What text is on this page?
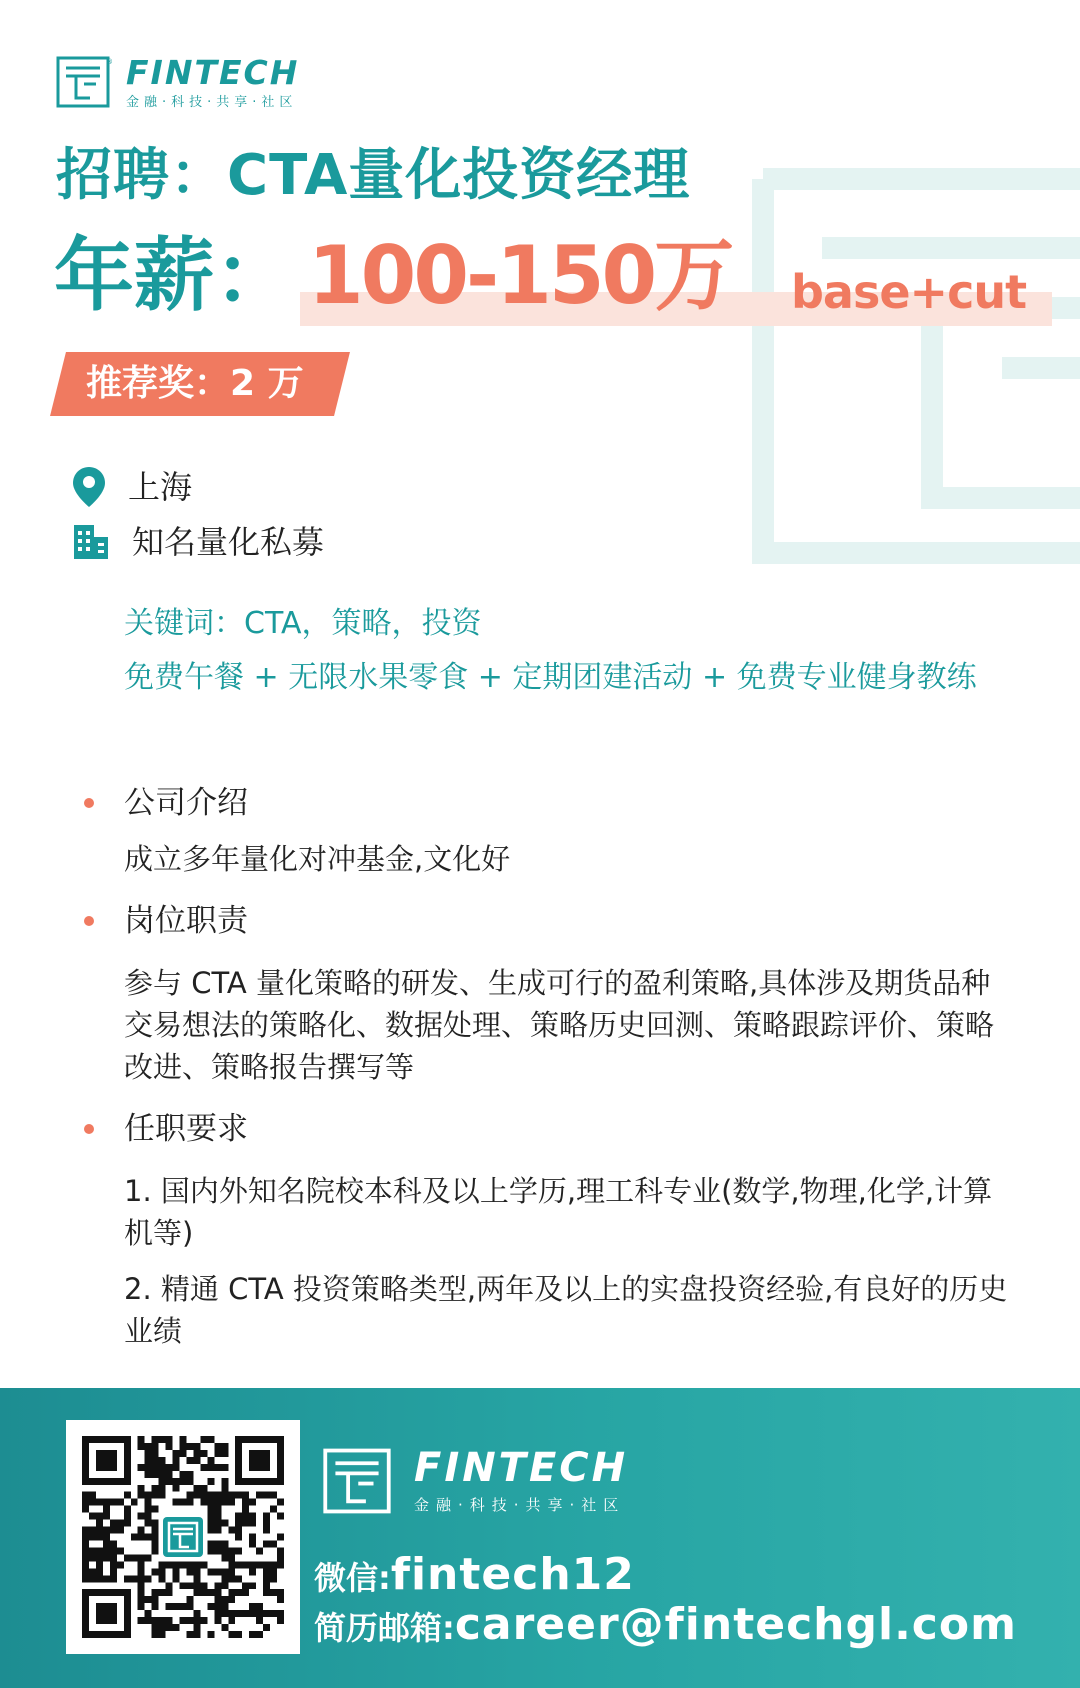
® FINTECH
金融·科技·共享·社区
招聘：CTA量化投资经理
年薪： 100-150万 base+cut
推荐奖：2 万
上海
知名量化私募
关键词：CTA，策略，投资
免费午餐 + 无限水果零食 + 定期团建活动 + 免费专业健身教练
公司介绍
成立多年量化对冲基金,文化好
岗位职责
参与 CTA 量化策略的研发、生成可行的盈利策略,具体涉及期货品种交易想法的策略化、数据处理、策略历史回测、策略跟踪评价、策略改进、策略报告撰写等
任职要求
1. 国内外知名院校本科及以上学历,理工科专业(数学,物理,化学,计算机等)
2. 精通 CTA 投资策略类型,两年及以上的实盘投资经验,有良好的历史业绩
FINTECH
金融·科技·共享·社区
微信:fintech12
简历邮箱:career@fintechgl.com
